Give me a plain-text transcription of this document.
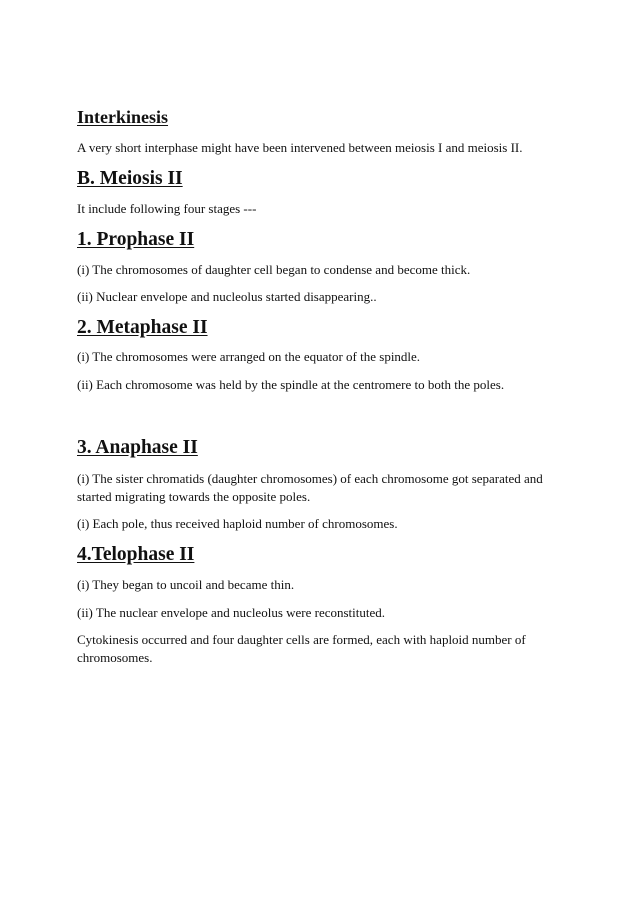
Interkinesis
A very short interphase might have been intervened between meiosis I and meiosis II.
B. Meiosis II
It include following four stages ---
1. Prophase II
(i) The chromosomes of daughter cell began to condense and become thick.
(ii) Nuclear envelope and nucleolus started disappearing..
2. Metaphase II
(i) The chromosomes were arranged on the equator of the spindle.
(ii) Each chromosome was held by the spindle at the centromere to both the poles.
3. Anaphase II
(i) The sister chromatids (daughter chromosomes) of each chromosome got separated and started migrating towards the opposite poles.
(i) Each pole, thus received haploid number of chromosomes.
4.Telophase II
(i) They began to uncoil and became thin.
(ii) The nuclear envelope and nucleolus were reconstituted.
Cytokinesis occurred and four daughter cells are formed, each with haploid number of chromosomes.
